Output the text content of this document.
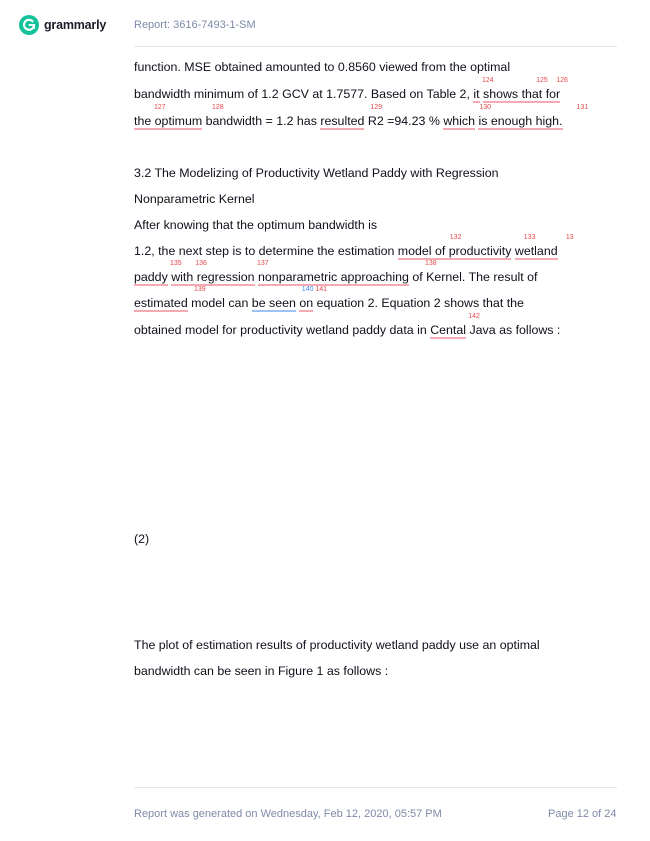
grammarly	Report: 3616-7493-1-SM
function. MSE obtained amounted to 0.8560 viewed from the optimal
bandwidth minimum of 1.2 GCV at 1.7577. Based on Table 2, it shows
124
that
125
for
126
the optimum
127	128
bandwidth = 1.2 has resulted
129
R2 =94.23 % which
130
is enough high.
131
3.2 The Modelizing of Productivity Wetland Paddy with Regression
Nonparametric Kernel
After knowing that the optimum bandwidth is
1.2, the next step is to determine the estimation model of productivity
132	133
wetland
13
paddy
135
with regression
136
nonparametric approaching
137	138
of Kernel. The result of
estimated
139
model can be seen
140
on
141
equation 2. Equation 2 shows that the
obtained model for productivity wetland paddy data in Cental
142
Java as follows :
(2)
The plot of estimation results of productivity wetland paddy use an optimal
bandwidth can be seen in Figure 1 as follows :
Report was generated on Wednesday, Feb 12, 2020, 05:57 PM	Page 12 of 24
